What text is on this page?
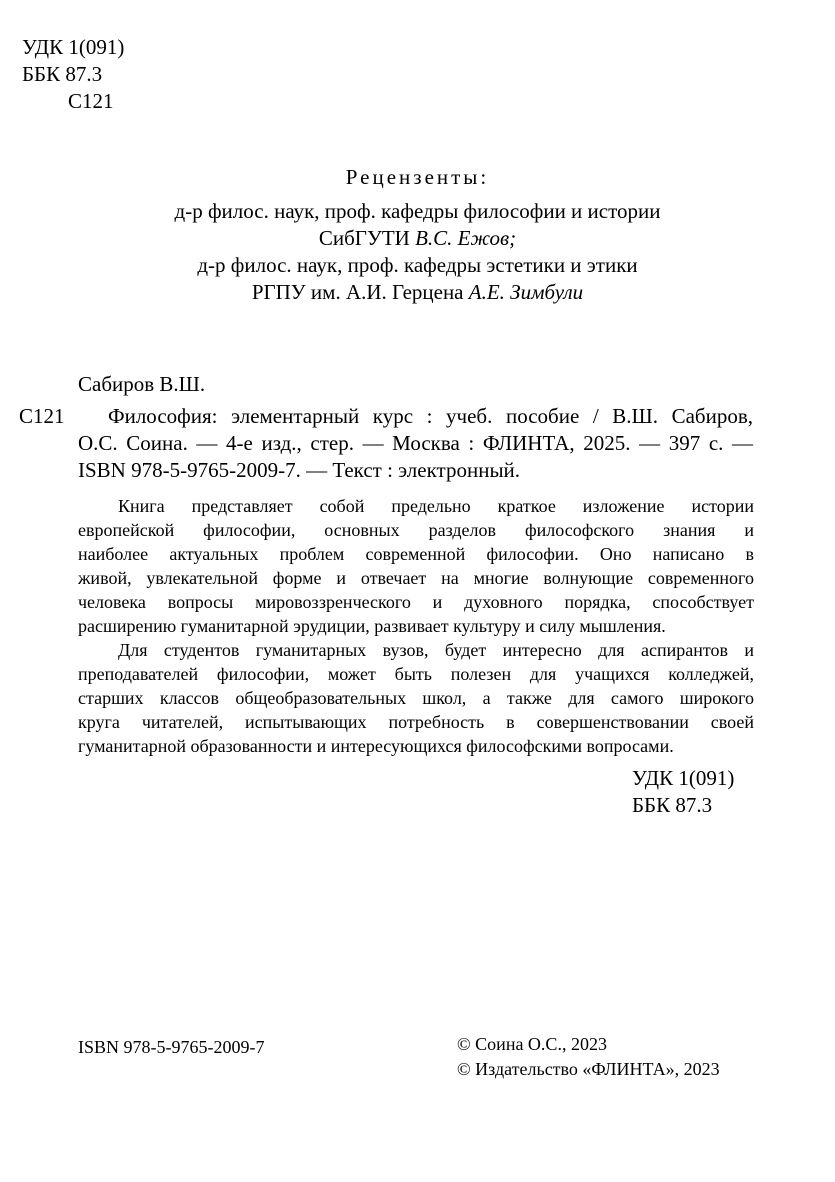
УДК 1(091)
ББК 87.3
С121
Рецензенты:
д-р филос. наук, проф. кафедры философии и истории
СибГУТИ В.С. Ежов;
д-р филос. наук, проф. кафедры эстетики и этики
РГПУ им. А.И. Герцена А.Е. Зимбули
Сабиров В.Ш.
С121 Философия: элементарный курс : учеб. пособие / В.Ш. Сабиров,
О.С. Соина. — 4-е изд., стер. — Москва : ФЛИНТА, 2025. — 397 с. —
ISBN 978-5-9765-2009-7. — Текст : электронный.
Книга представляет собой предельно краткое изложение истории
европейской философии, основных разделов философского знания и
наиболее актуальных проблем современной философии. Оно написано в
живой, увлекательной форме и отвечает на многие волнующие современного
человека вопросы мировоззренческого и духовного порядка, способствует
расширению гуманитарной эрудиции, развивает культуру и силу мышления.
Для студентов гуманитарных вузов, будет интересно для аспирантов и
преподавателей философии, может быть полезен для учащихся колледжей,
старших классов общеобразовательных школ, а также для самого широкого
круга читателей, испытывающих потребность в совершенствовании своей
гуманитарной образованности и интересующихся философскими вопросами.
УДК 1(091)
ББК 87.3
ISBN 978-5-9765-2009-7	© Соина О.С., 2023
© Издательство «ФЛИНТА», 2023
